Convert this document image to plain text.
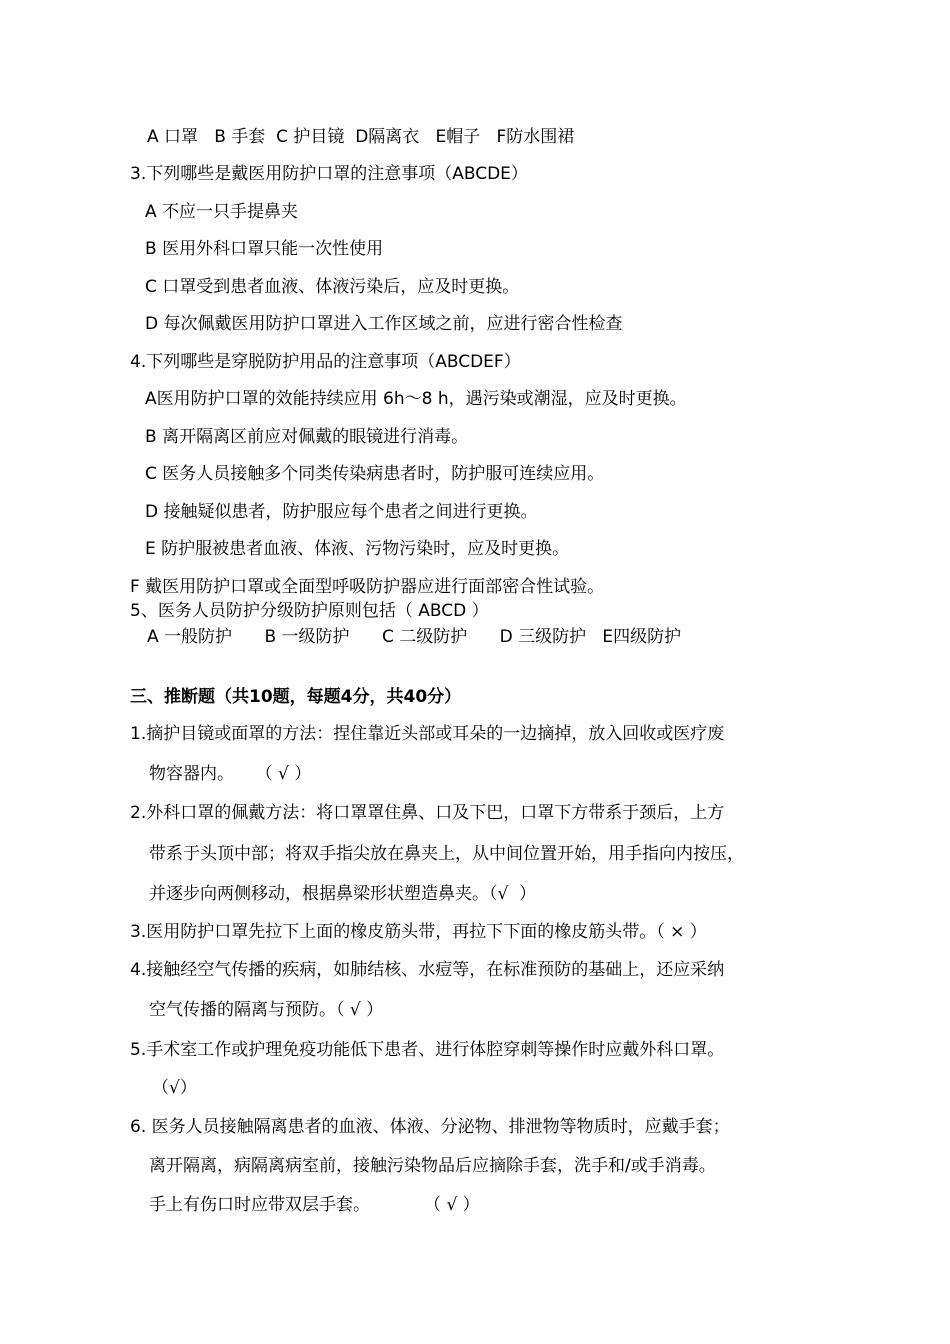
A 口罩   B 手套  C 护目镜  D隔离衣   E帽子   F防水围裙
3.下列哪些是戴医用防护口罩的注意事项（ABCDE）
A 不应一只手提鼻夹
B 医用外科口罩只能一次性使用
C 口罩受到患者血液、体液污染后，应及时更换。
D 每次佩戴医用防护口罩进入工作区域之前，应进行密合性检查
4.下列哪些是穿脱防护用品的注意事项（ABCDEF）
A医用防护口罩的效能持续应用 6h～8 h，遇污染或潮湿，应及时更换。
B 离开隔离区前应对佩戴的眼镜进行消毒。
C 医务人员接触多个同类传染病患者时，防护服可连续应用。
D 接触疑似患者，防护服应每个患者之间进行更换。
E 防护服被患者血液、体液、污物污染时，应及时更换。
F 戴医用防护口罩或全面型呼吸防护器应进行面部密合性试验。
5、医务人员防护分级防护原则包括（ ABCD ）
A 一般防护      B 一级防护      C 二级防护      D 三级防护   E四级防护
三、推断题（共10题，每题4分，共40分）
1.摘护目镜或面罩的方法：捏住靠近头部或耳朵的一边摘掉，放入回收或医疗废
物容器内。    （ √ ）
2.外科口罩的佩戴方法：将口罩罩住鼻、口及下巴，口罩下方带系于颈后，上方
带系于头顶中部；将双手指尖放在鼻夹上，从中间位置开始，用手指向内按压，
并逐步向两侧移动，根据鼻梁形状塑造鼻夹。（√  ）
3.医用防护口罩先拉下上面的橡皮筋头带，再拉下下面的橡皮筋头带。（ × ）
4.接触经空气传播的疾病，如肺结核、水痘等，在标准预防的基础上，还应采纳
空气传播的隔离与预防。（ √ ）
5.手术室工作或护理免疫功能低下患者、进行体腔穿刺等操作时应戴外科口罩。
（√）
6. 医务人员接触隔离患者的血液、体液、分泌物、排泄物等物质时，应戴手套；
离开隔离，病隔离病室前，接触污染物品后应摘除手套，洗手和/或手消毒。
手上有伤口时应带双层手套。          （ √ ）
